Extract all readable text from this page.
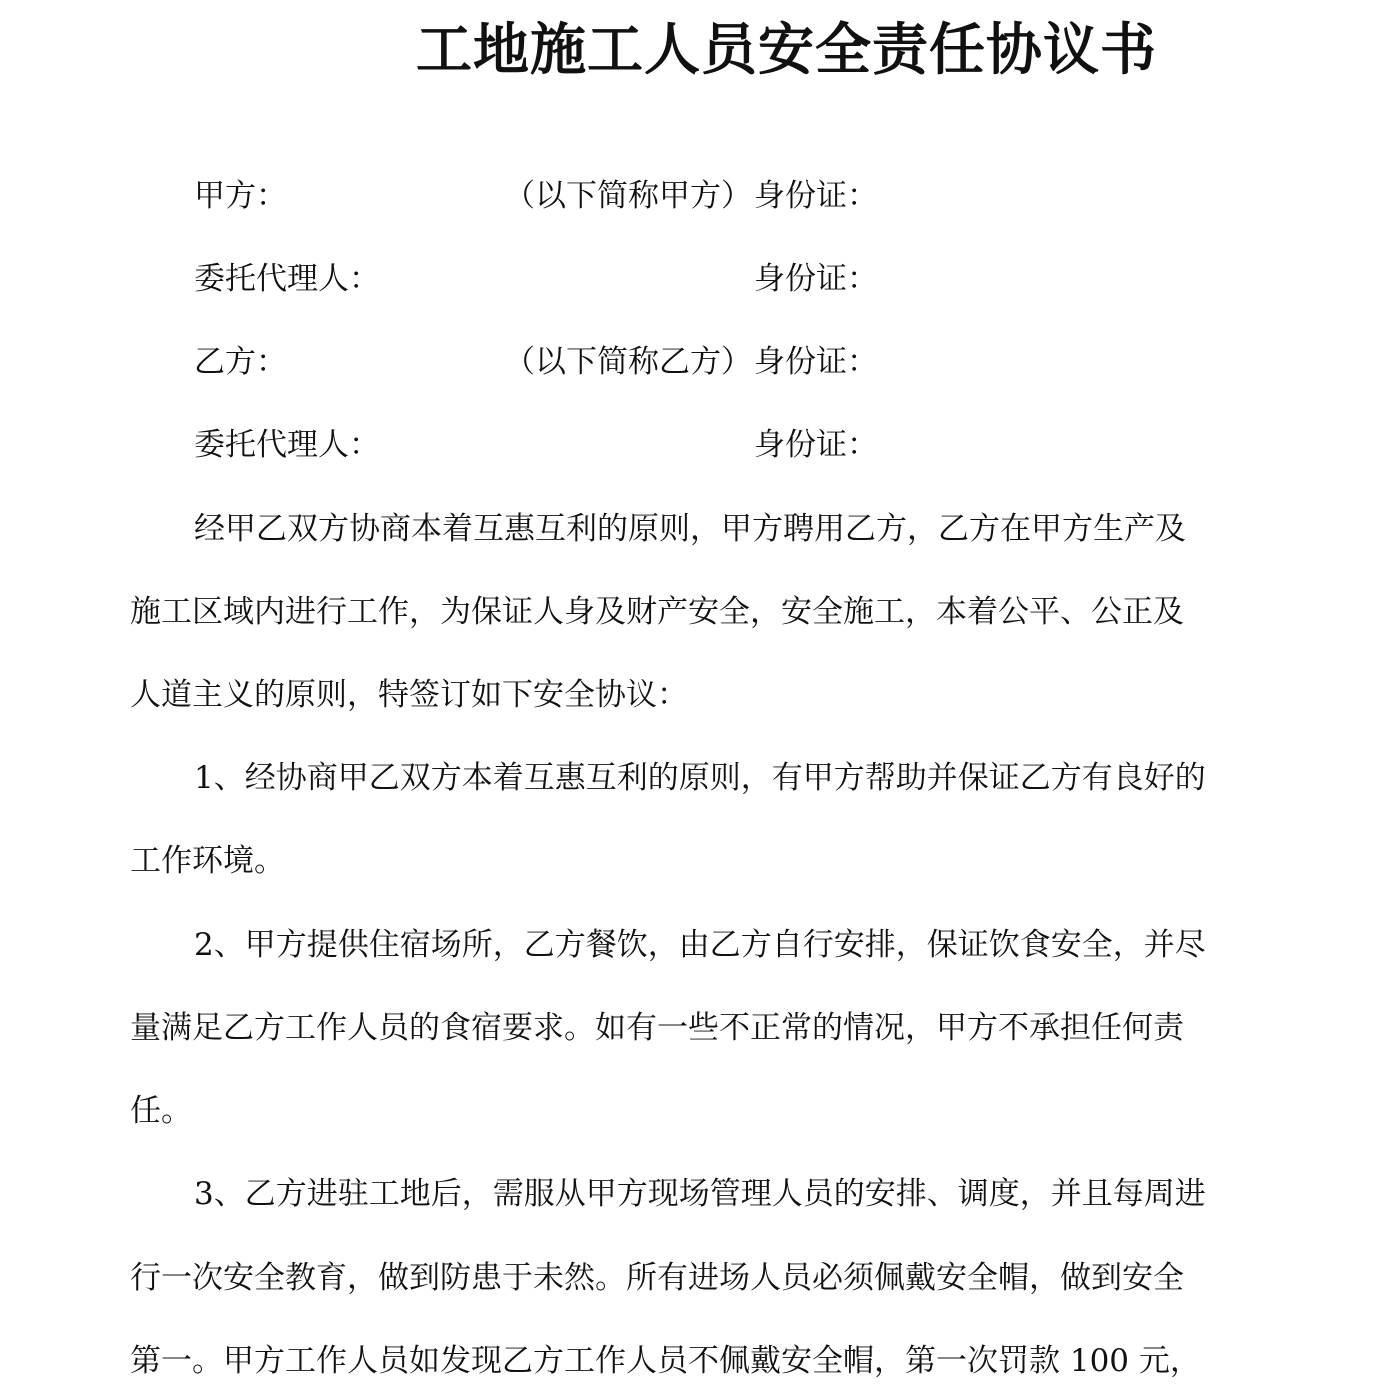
工地施工人员安全责任协议书
甲方：	（以下简称甲方） 身份证：
委托代理人：	身份证：
乙方：	（以下简称乙方） 身份证：
委托代理人：	身份证：
经甲乙双方协商本着互惠互利的原则，甲方聘用乙方，乙方在甲方生产及
施工区域内进行工作，为保证人身及财产安全，安全施工，本着公平、公正及
人道主义的原则，特签订如下安全协议：
1、经协商甲乙双方本着互惠互利的原则，有甲方帮助并保证乙方有良好的
工作环境。
2、甲方提供住宿场所，乙方餐饮，由乙方自行安排，保证饮食安全，并尽
量满足乙方工作人员的食宿要求。如有一些不正常的情况，甲方不承担任何责
任。
3、乙方进驻工地后，需服从甲方现场管理人员的安排、调度，并且每周进
行一次安全教育，做到防患于未然。所有进场人员必须佩戴安全帽，做到安全
第一。甲方工作人员如发现乙方工作人员不佩戴安全帽，第一次罚款 100 元，
